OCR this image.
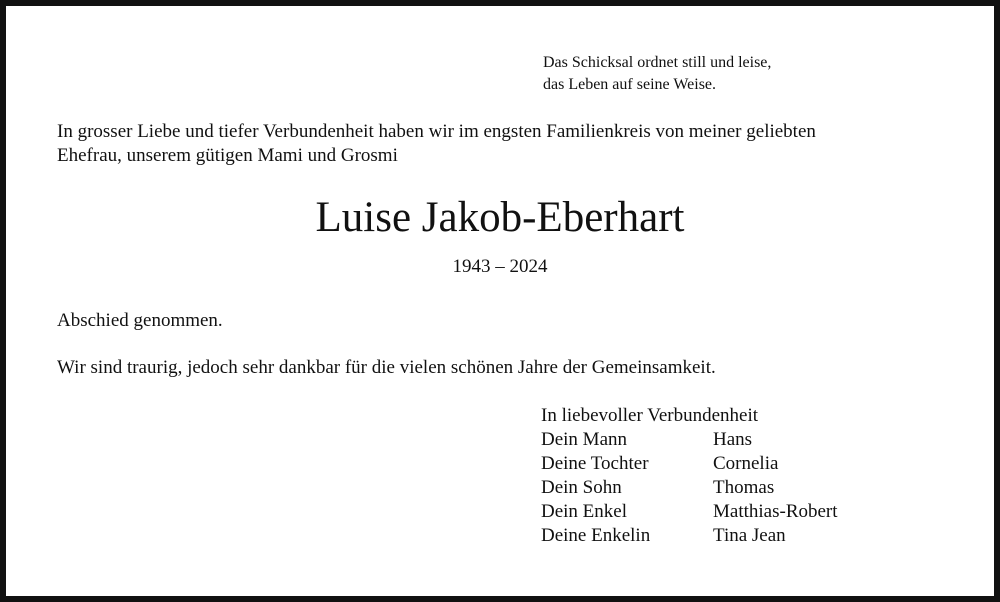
Das Schicksal ordnet still und leise,
das Leben auf seine Weise.
In grosser Liebe und tiefer Verbundenheit haben wir im engsten Familienkreis von meiner geliebten
Ehefrau, unserem gütigen Mami und Grosmi
Luise Jakob-Eberhart
1943 – 2024
Abschied genommen.
Wir sind traurig, jedoch sehr dankbar für die vielen schönen Jahre der Gemeinsamkeit.
In liebevoller Verbundenheit
Dein Mann	Hans
Deine Tochter	Cornelia
Dein Sohn	Thomas
Dein Enkel	Matthias-Robert
Deine Enkelin	Tina Jean
